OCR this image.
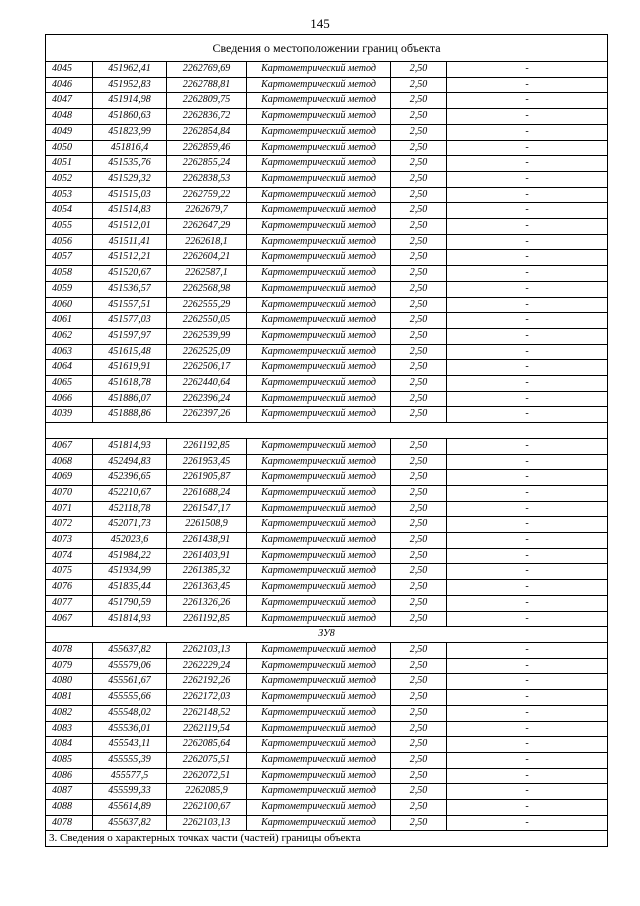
145
Сведения о местоположении границ объекта					
4045	451962,41	2262769,69	Картометрический метод	2,50	-
4046	451952,83	2262788,81	Картометрический метод	2,50	-
4047	451914,98	2262809,75	Картометрический метод	2,50	-
4048	451860,63	2262836,72	Картометрический метод	2,50	-
4049	451823,99	2262854,84	Картометрический метод	2,50	-
4050	451816,4	2262859,46	Картометрический метод	2,50	-
4051	451535,76	2262855,24	Картометрический метод	2,50	-
4052	451529,32	2262838,53	Картометрический метод	2,50	-
4053	451515,03	2262759,22	Картометрический метод	2,50	-
4054	451514,83	2262679,7	Картометрический метод	2,50	-
4055	451512,01	2262647,29	Картометрический метод	2,50	-
4056	451511,41	2262618,1	Картометрический метод	2,50	-
4057	451512,21	2262604,21	Картометрический метод	2,50	-
4058	451520,67	2262587,1	Картометрический метод	2,50	-
4059	451536,57	2262568,98	Картометрический метод	2,50	-
4060	451557,51	2262555,29	Картометрический метод	2,50	-
4061	451577,03	2262550,05	Картометрический метод	2,50	-
4062	451597,97	2262539,99	Картометрический метод	2,50	-
4063	451615,48	2262525,09	Картометрический метод	2,50	-
4064	451619,91	2262506,17	Картометрический метод	2,50	-
4065	451618,78	2262440,64	Картометрический метод	2,50	-
4066	451886,07	2262396,24	Картометрический метод	2,50	-
4039	451888,86	2262397,26	Картометрический метод	2,50	-

4067	451814,93	2261192,85	Картометрический метод	2,50	-
4068	452494,83	2261953,45	Картометрический метод	2,50	-
4069	452396,65	2261905,87	Картометрический метод	2,50	-
4070	452210,67	2261688,24	Картометрический метод	2,50	-
4071	452118,78	2261547,17	Картометрический метод	2,50	-
4072	452071,73	2261508,9	Картометрический метод	2,50	-
4073	452023,6	2261438,91	Картометрический метод	2,50	-
4074	451984,22	2261403,91	Картометрический метод	2,50	-
4075	451934,99	2261385,32	Картометрический метод	2,50	-
4076	451835,44	2261363,45	Картометрический метод	2,50	-
4077	451790,59	2261326,26	Картометрический метод	2,50	-
4067	451814,93	2261192,85	Картометрический метод	2,50	-
ЗУ8					
4078	455637,82	2262103,13	Картометрический метод	2,50	-
4079	455579,06	2262229,24	Картометрический метод	2,50	-
4080	455561,67	2262192,26	Картометрический метод	2,50	-
4081	455555,66	2262172,03	Картометрический метод	2,50	-
4082	455548,02	2262148,52	Картометрический метод	2,50	-
4083	455536,01	2262119,54	Картометрический метод	2,50	-
4084	455543,11	2262085,64	Картометрический метод	2,50	-
4085	455555,39	2262075,51	Картометрический метод	2,50	-
4086	455577,5	2262072,51	Картометрический метод	2,50	-
4087	455599,33	2262085,9	Картометрический метод	2,50	-
4088	455614,89	2262100,67	Картометрический метод	2,50	-
4078	455637,82	2262103,13	Картометрический метод	2,50	-
3. Сведения о характерных точках части (частей) границы объекта					
